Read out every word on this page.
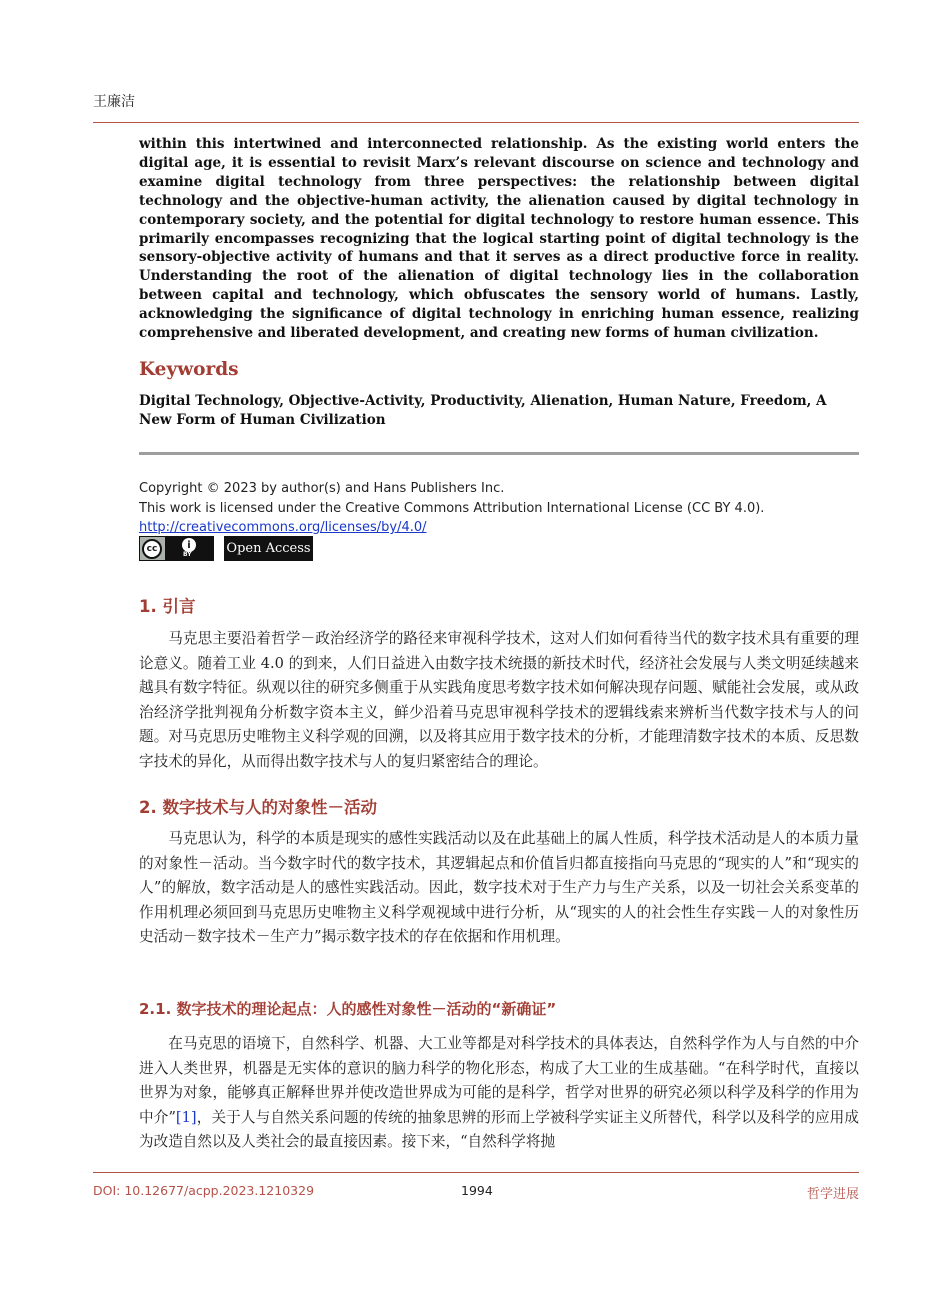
王廉洁

within this intertwined and interconnected relationship. As the existing world enters the digital age, it is essential to revisit Marx’s relevant discourse on science and technology and examine digital technology from three perspectives: the relationship between digital technology and the objective-human activity, the alienation caused by digital technology in contemporary society, and the potential for digital technology to restore human essence. This primarily encompasses recognizing that the logical starting point of digital technology is the sensory-objective activity of humans and that it serves as a direct productive force in reality. Understanding the root of the alienation of digital technology lies in the collaboration between capital and technology, which obfuscates the sensory world of humans. Lastly, acknowledging the significance of digital technology in enriching human essence, realizing comprehensive and liberated development, and creating new forms of human civilization.

Keywords

Digital Technology, Objective-Activity, Productivity, Alienation, Human Nature, Freedom, A New Form of Human Civilization

Copyright © 2023 by author(s) and Hans Publishers Inc.
This work is licensed under the Creative Commons Attribution International License (CC BY 4.0).
http://creativecommons.org/licenses/by/4.0/
cc	i
BY	Open Access
1. 引言

马克思主要沿着哲学－政治经济学的路径来审视科学技术，这对人们如何看待当代的数字技术具有重要的理论意义。随着工业 4.0 的到来，人们日益进入由数字技术统摄的新技术时代，经济社会发展与人类文明延续越来越具有数字特征。纵观以往的研究多侧重于从实践角度思考数字技术如何解决现存问题、赋能社会发展，或从政治经济学批判视角分析数字资本主义，鲜少沿着马克思审视科学技术的逻辑线索来辨析当代数字技术与人的问题。对马克思历史唯物主义科学观的回溯，以及将其应用于数字技术的分析，才能理清数字技术的本质、反思数字技术的异化，从而得出数字技术与人的复归紧密结合的理论。

2. 数字技术与人的对象性－活动

马克思认为，科学的本质是现实的感性实践活动以及在此基础上的属人性质，科学技术活动是人的本质力量的对象性－活动。当今数字时代的数字技术，其逻辑起点和价值旨归都直接指向马克思的“现实的人”和“现实的人”的解放，数字活动是人的感性实践活动。因此，数字技术对于生产力与生产关系，以及一切社会关系变革的作用机理必须回到马克思历史唯物主义科学观视域中进行分析，从“现实的人的社会性生存实践－人的对象性历史活动－数字技术－生产力”揭示数字技术的存在依据和作用机理。

2.1. 数字技术的理论起点：人的感性对象性－活动的“新确证”

在马克思的语境下，自然科学、机器、大工业等都是对科学技术的具体表达，自然科学作为人与自然的中介进入人类世界，机器是无实体的意识的脑力科学的物化形态，构成了大工业的生成基础。“在科学时代，直接以世界为对象，能够真正解释世界并使改造世界成为可能的是科学，哲学对世界的研究必须以科学及科学的作用为中介”[1]，关于人与自然关系问题的传统的抽象思辨的形而上学被科学实证主义所替代，科学以及科学的应用成为改造自然以及人类社会的最直接因素。接下来，“自然科学将抛

DOI: 10.12677/acpp.2023.1210329	1994	哲学进展
